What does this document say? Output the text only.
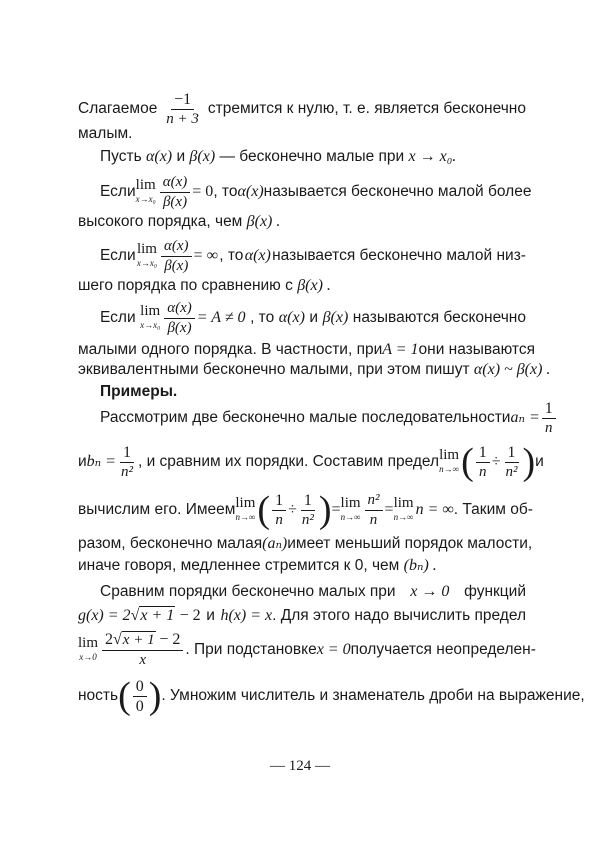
Слагаемое $\frac{-1}{n + 3}$ стремится к нулю, т. е. является бесконечно
малым.
Пусть α(x) и β(x) — бесконечно малые при x → x₀.
Если lim
$x\to x_0 \frac{\alpha(x)}{\beta(x)} = 0$ , то α(x) называется бесконечно малой более
высокого порядка, чем β(x) .
Если lim
$x\to x_0 \frac{\alpha(x)}{\beta(x)}$ = ∞ , то α(x) называется бесконечно малой низ-
шего порядка по сравнению с β(x) .
Если lim
$x\to x_0 \frac{\alpha(x)}{\beta(x)} = A \ne 0$ , то α(x) и β(x) называются бесконечно
малыми одного порядка. В частности, при A = 1 они называются
эквивалентными бесконечно малыми, при этом пишут α(x) ~ β(x) .
Примеры.
Рассмотрим две бесконечно малые последовательности $a_n = \frac{1}{n}$
и $b_n = \frac{1}{\text{n²}}$ , и сравним их порядки. Составим предел lim
n→∞ ( $\frac{1}{n} \div \frac{1}{\text{n²}}$ ) и
вычислим его. Имеем lim
n→∞ ( $\frac{1}{n} \div \frac{1}{\text{n²}}$ ) = lim
$n\to\infty \frac{\text{n²}}{n} = \lim$
n→∞ n = ∞ . Таким об-
разом, бесконечно малая (aₙ) имеет меньший порядок малости,
иначе говоря, медленнее стремится к 0, чем (bₙ) .
Сравним порядки бесконечно малых при x → 0 функций
g(x) = 2√x + 1 − 2 и h(x) = x. Для этого надо вычислить предел
lim
$x\to 0 \frac{2√x + 1 - 2}{x}$ . При подстановке x = 0 получается неопределен-
ность ( $\frac{0}{0}$ ) . Умножим числитель и знаменатель дроби на выражение,
— 124 —
